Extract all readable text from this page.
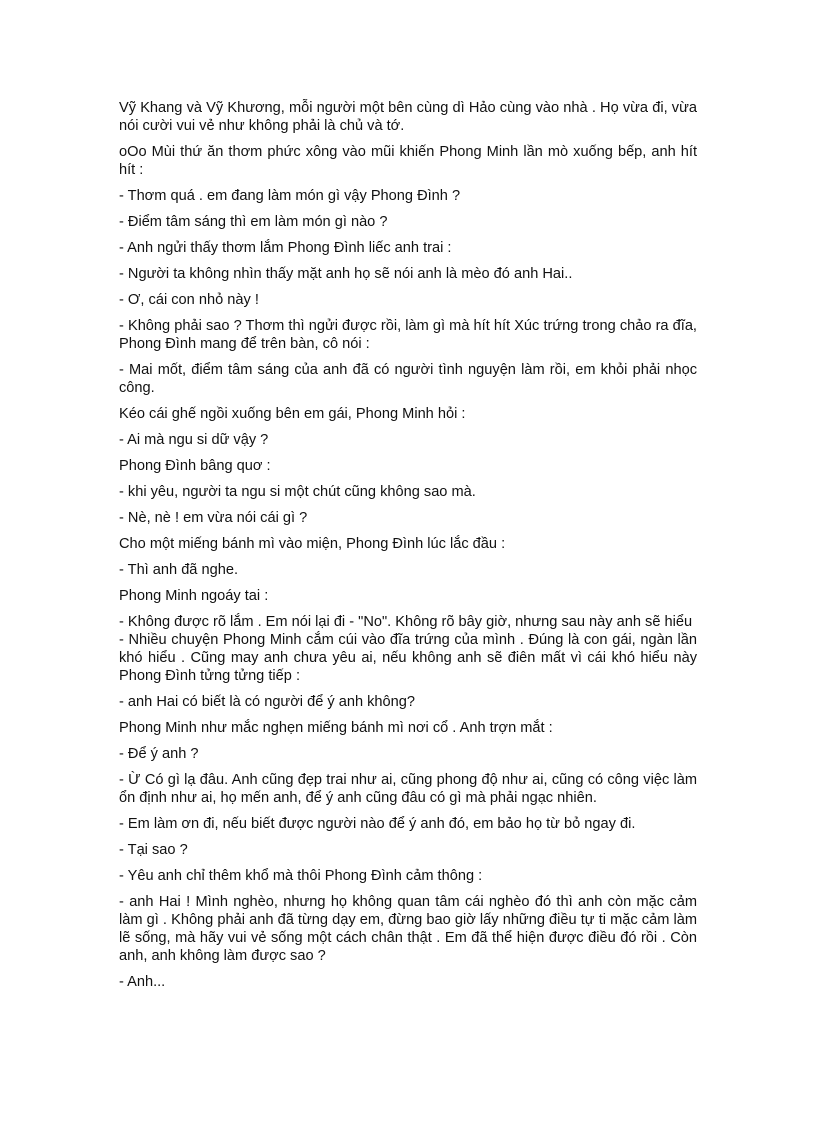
Vỹ Khang và Vỹ Khương, mỗi người một bên cùng dì Hảo cùng vào nhà . Họ vừa đi, vừa nói cười vui vẻ như không phải là chủ và tớ.

oOo Mùi thứ ăn thơm phức xông vào mũi khiến Phong Minh lần mò xuống bếp, anh hít hít :

- Thơm quá . em đang làm món gì vậy Phong Đình ?

- Điểm tâm sáng thì em làm món gì nào ?

- Anh ngửi thấy thơm lắm Phong Đình liếc anh trai :

- Người ta không nhìn thấy mặt anh họ sẽ nói anh là mèo đó anh Hai..

- Ơ, cái con nhỏ này !

- Không phải sao ? Thơm thì ngửi được rồi, làm gì mà hít hít Xúc trứng trong chảo ra đĩa, Phong Đình mang để trên bàn, cô nói :

- Mai mốt, điểm tâm sáng của anh đã có người tình nguyện làm rồi, em khỏi phải nhọc công.

Kéo cái ghế ngồi xuống bên em gái, Phong Minh hỏi :

- Ai mà ngu si dữ vậy ?

Phong Đình bâng quơ :

- khi yêu, người ta ngu si một chút cũng không sao mà.

- Nè, nè ! em vừa nói cái gì ?

Cho một miếng bánh mì vào miện, Phong Đình lúc lắc đầu :

- Thì anh đã nghe.

Phong Minh ngoáy tai :

- Không được rõ lắm . Em nói lại đi - "No". Không rõ bây giờ, nhưng sau này anh sẽ hiểu

- Nhiều chuyện Phong Minh cắm cúi vào đĩa trứng của mình . Đúng là con gái, ngàn lần khó hiểu . Cũng may anh chưa yêu ai, nếu không anh sẽ điên mất vì cái khó hiểu này Phong Đình tửng tửng tiếp :

- anh Hai có biết là có người để ý anh không?

Phong Minh như mắc nghẹn miếng bánh mì nơi cổ . Anh trợn mắt :

- Để ý anh ?

- Ừ Có gì lạ đâu. Anh cũng đẹp trai như ai, cũng phong độ như ai, cũng có công việc làm ổn định như ai, họ mến anh, để ý anh cũng đâu có gì mà phải ngạc nhiên.

- Em làm ơn đi, nếu biết được người nào để ý anh đó, em bảo họ từ bỏ ngay đi.

- Tại sao ?

- Yêu anh chỉ thêm khổ mà thôi Phong Đình cảm thông :

- anh Hai ! Mình nghèo, nhưng họ không quan tâm cái nghèo đó thì anh còn mặc cảm làm gì . Không phải anh đã từng dạy em, đừng bao giờ lấy những điều tự ti mặc cảm làm lẽ sống, mà hãy vui vẻ sống một cách chân thật . Em đã thể hiện được điều đó rồi . Còn anh, anh không làm được sao ?

- Anh...
